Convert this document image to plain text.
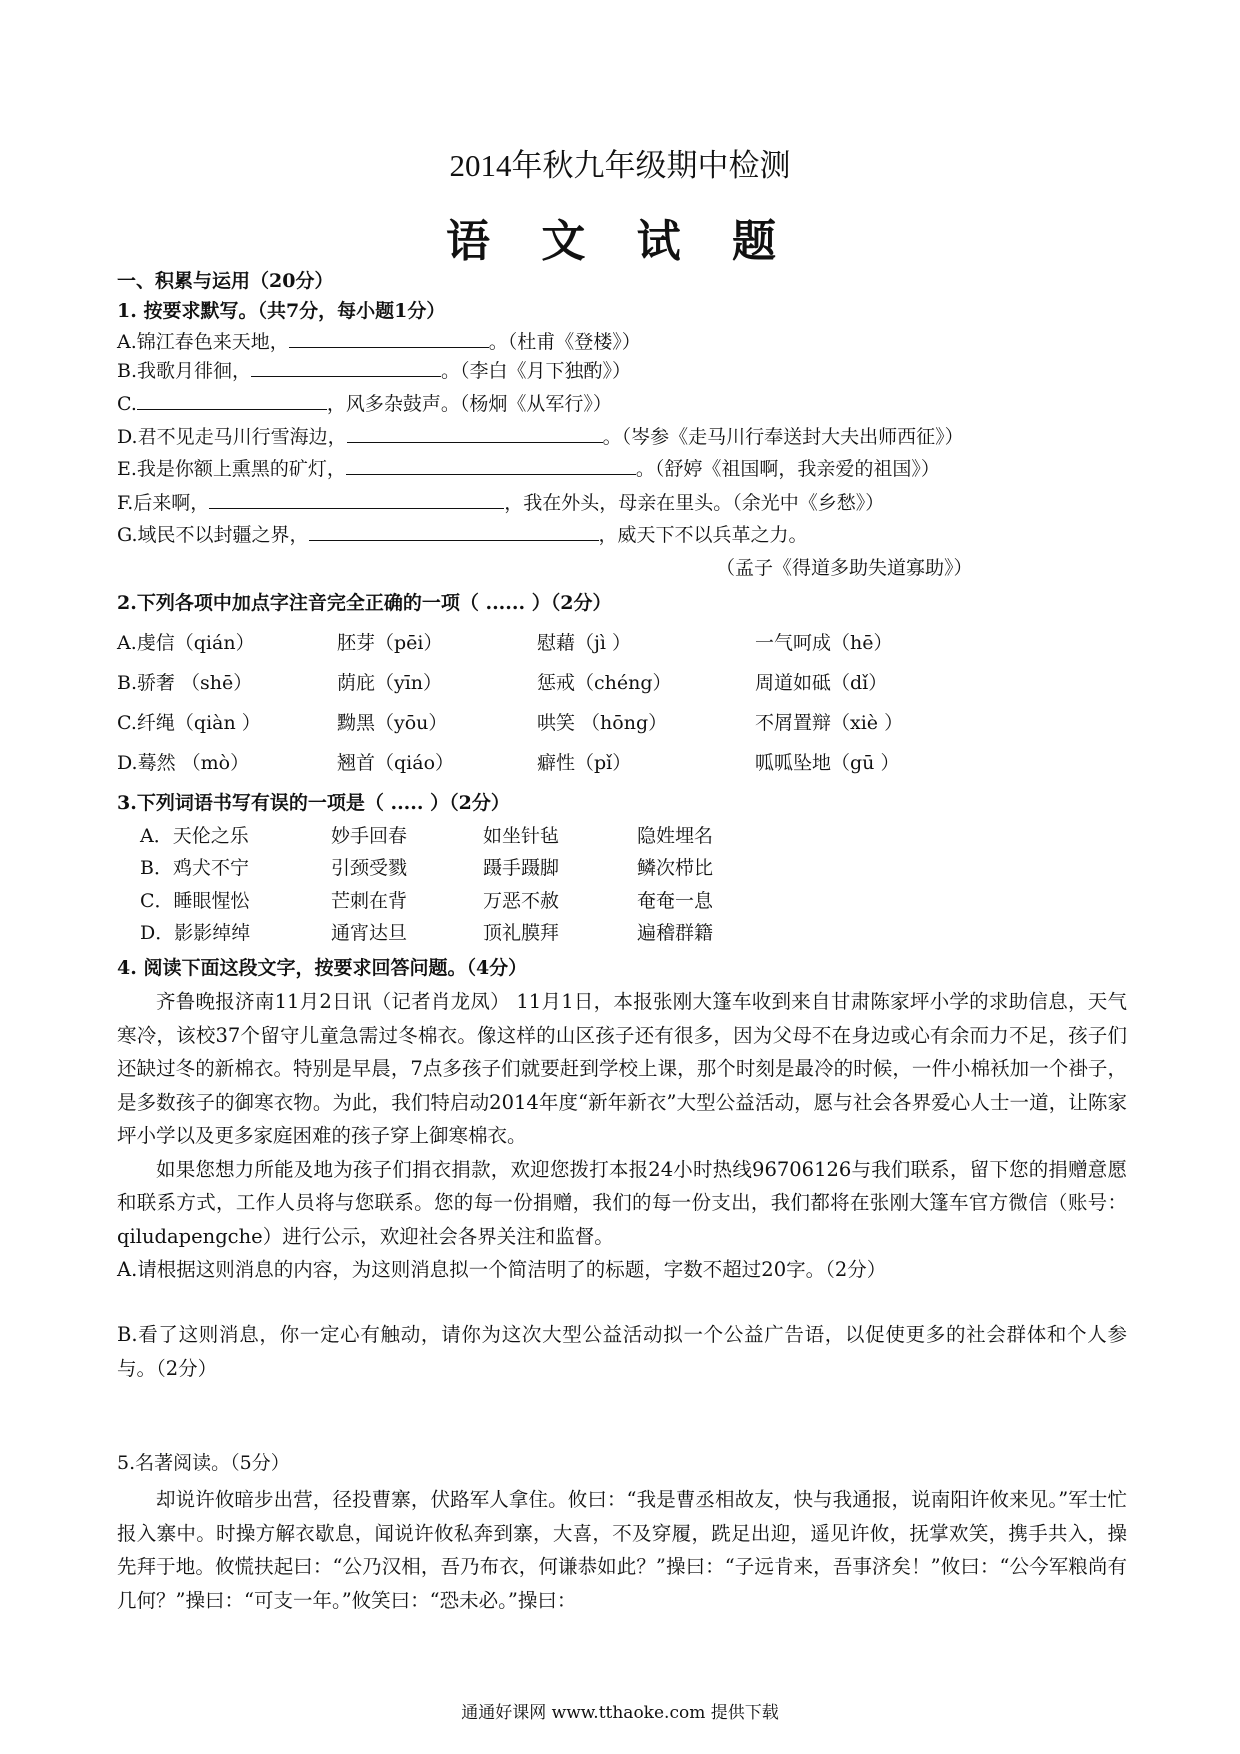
2014年秋九年级期中检测
语 文 试 题
一、积累与运用（20分）
1. 按要求默写。（共7分，每小题1分）
A.锦江春色来天地，	。（杜甫《登楼》）
B.我歌月徘徊，	。（李白《月下独酌》）
C.	，风多杂鼓声。（杨炯《从军行》）
D.君不见走马川行雪海边，	。（岑参《走马川行奉送封大夫出师西征》）
E.我是你额上熏黑的矿灯，	。（舒婷《祖国啊，我亲爱的祖国》）
F.后来啊，	，我在外头，母亲在里头。（余光中《乡愁》）
G.域民不以封疆之界，	，威天下不以兵革之力。
（孟子《得道多助失道寡助》）
2.下列各项中加点字注音完全正确的一项（ ...... ）（2分）
A.虔信（qián）	胚芽（pēi）	慰藉（jì ）	一气呵成（hē）
B.骄奢 （shē）	荫庇（yīn）	惩戒（chéng）	周道如砥（dǐ）
C.纤绳（qiàn ）	黝黑（yōu）	哄笑 （hōng）	不屑置辩（xiè ）
D.蓦然 （mò）	翘首（qiáo）	癖性（pǐ）	呱呱坠地（gū ）
3.下列词语书写有误的一项是（ ..... ）（2分）
A．天伦之乐	妙手回春	如坐针毡	隐姓埋名
B．鸡犬不宁	引颈受戮	蹑手蹑脚	鳞次栉比
C．睡眼惺忪	芒刺在背	万恶不赦	奄奄一息
D．影影绰绰	通宵达旦	顶礼膜拜	遍稽群籍
4. 阅读下面这段文字，按要求回答问题。（4分）

齐鲁晚报济南11月2日讯（记者肖龙凤） 11月1日，本报张刚大篷车收到来自甘肃陈家坪小学的求助信息，天气寒冷，该校37个留守儿童急需过冬棉衣。像这样的山区孩子还有很多，因为父母不在身边或心有余而力不足，孩子们还缺过冬的新棉衣。特别是早晨，7点多孩子们就要赶到学校上课，那个时刻是最冷的时候，一件小棉袄加一个褂子，是多数孩子的御寒衣物。为此，我们特启动2014年度“新年新衣”大型公益活动，愿与社会各界爱心人士一道，让陈家坪小学以及更多家庭困难的孩子穿上御寒棉衣。

如果您想力所能及地为孩子们捐衣捐款，欢迎您拨打本报24小时热线96706126与我们联系，留下您的捐赠意愿和联系方式，工作人员将与您联系。您的每一份捐赠，我们的每一份支出，我们都将在张刚大篷车官方微信（账号：qiludapengche）进行公示，欢迎社会各界关注和监督。

A.请根据这则消息的内容，为这则消息拟一个简洁明了的标题，字数不超过20字。（2分）
B.看了这则消息，你一定心有触动，请你为这次大型公益活动拟一个公益广告语，以促使更多的社会群体和个人参与。（2分）
5.名著阅读。（5分）

却说许攸暗步出营，径投曹寨，伏路军人拿住。攸曰：“我是曹丞相故友，快与我通报，说南阳许攸来见。”军士忙报入寨中。时操方解衣歇息，闻说许攸私奔到寨，大喜，不及穿履，跣足出迎，遥见许攸，抚掌欢笑，携手共入，操先拜于地。攸慌扶起曰：“公乃汉相，吾乃布衣，何谦恭如此？”操曰：“子远肯来，吾事济矣！”攸曰：“公今军粮尚有几何？”操曰：“可支一年。”攸笑曰：“恐未必。”操曰：

通通好课网 www.tthaoke.com 提供下载
